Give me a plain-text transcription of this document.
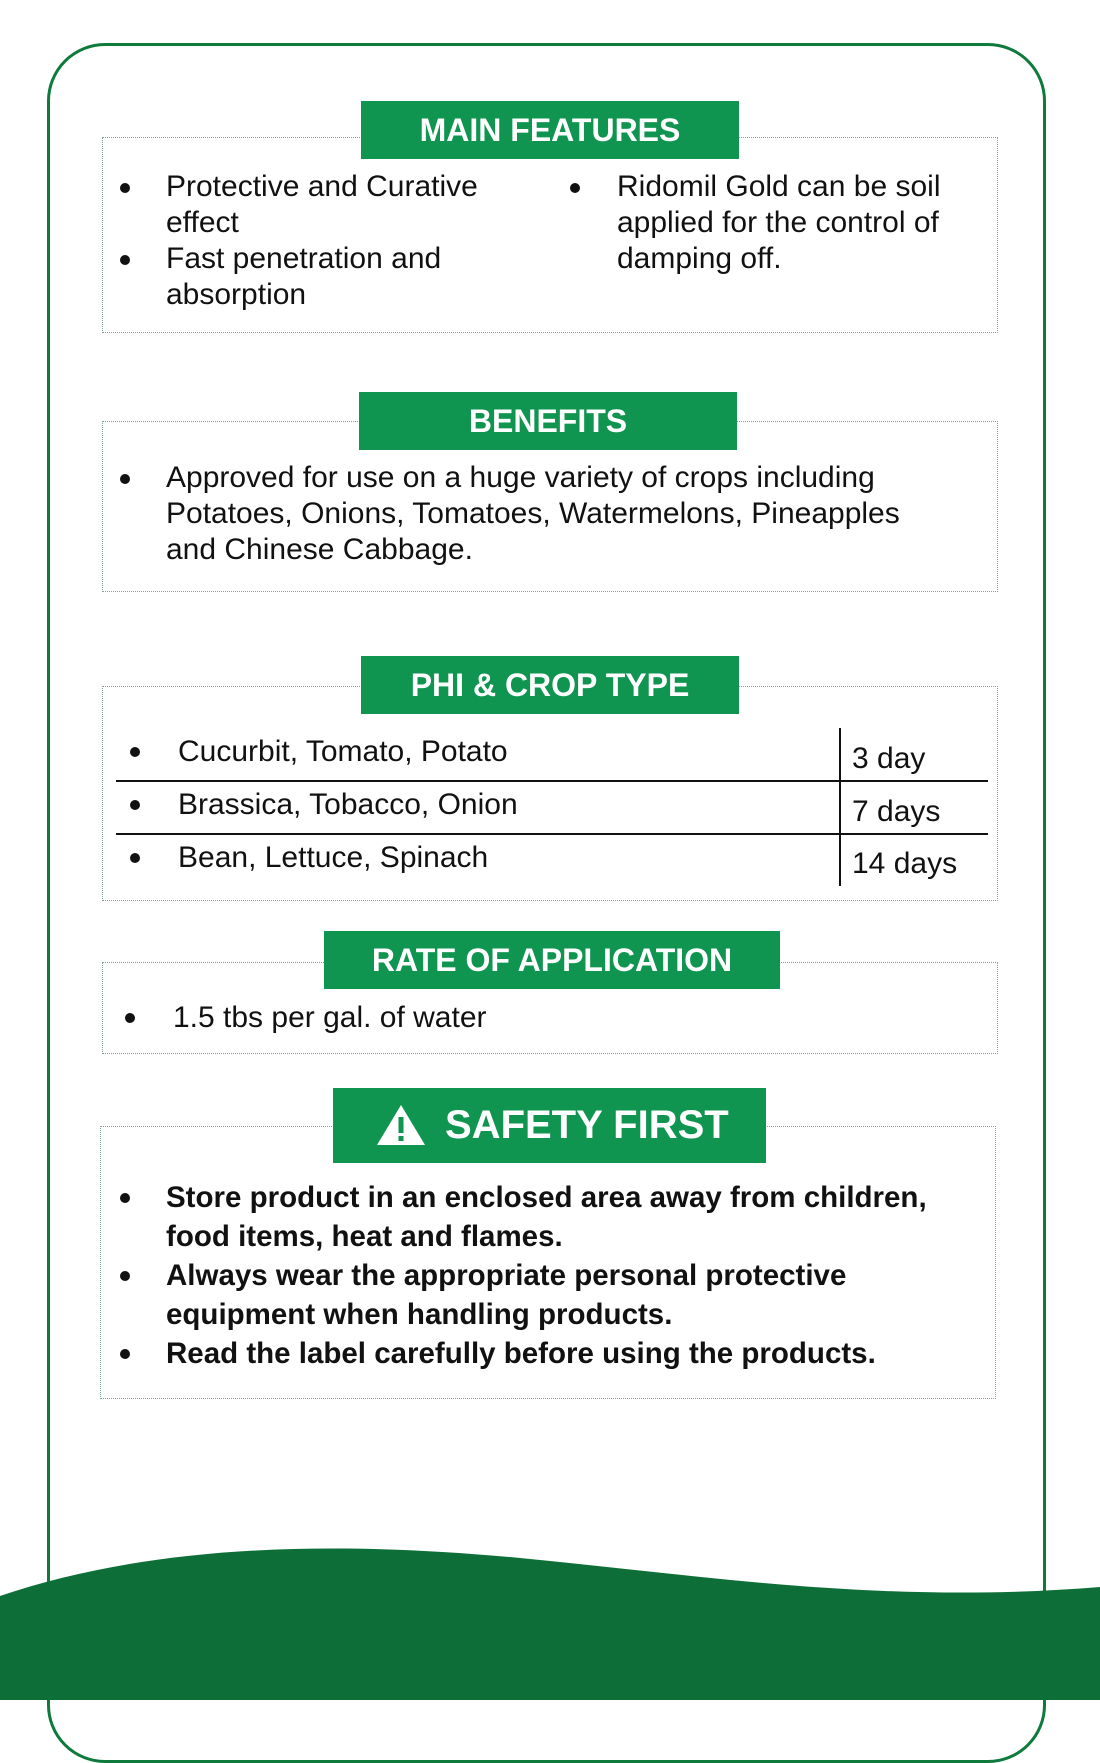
MAIN FEATURES
Protective and Curative effect
Fast penetration and absorption
Ridomil Gold can be soil applied for the control of damping off.
BENEFITS
Approved for use on a huge variety of crops including Potatoes, Onions, Tomatoes, Watermelons, Pineapples and Chinese Cabbage.
PHI & CROP TYPE
Cucurbit, Tomato, Potato	3 day
Brassica, Tobacco, Onion	7 days
Bean, Lettuce, Spinach	14 days
RATE OF APPLICATION
1.5 tbs per gal. of water
SAFETY FIRST
Store product in an enclosed area away from children, food items, heat and flames.
Always wear the appropriate personal protective equipment when handling products.
Read the label carefully before using the products.
